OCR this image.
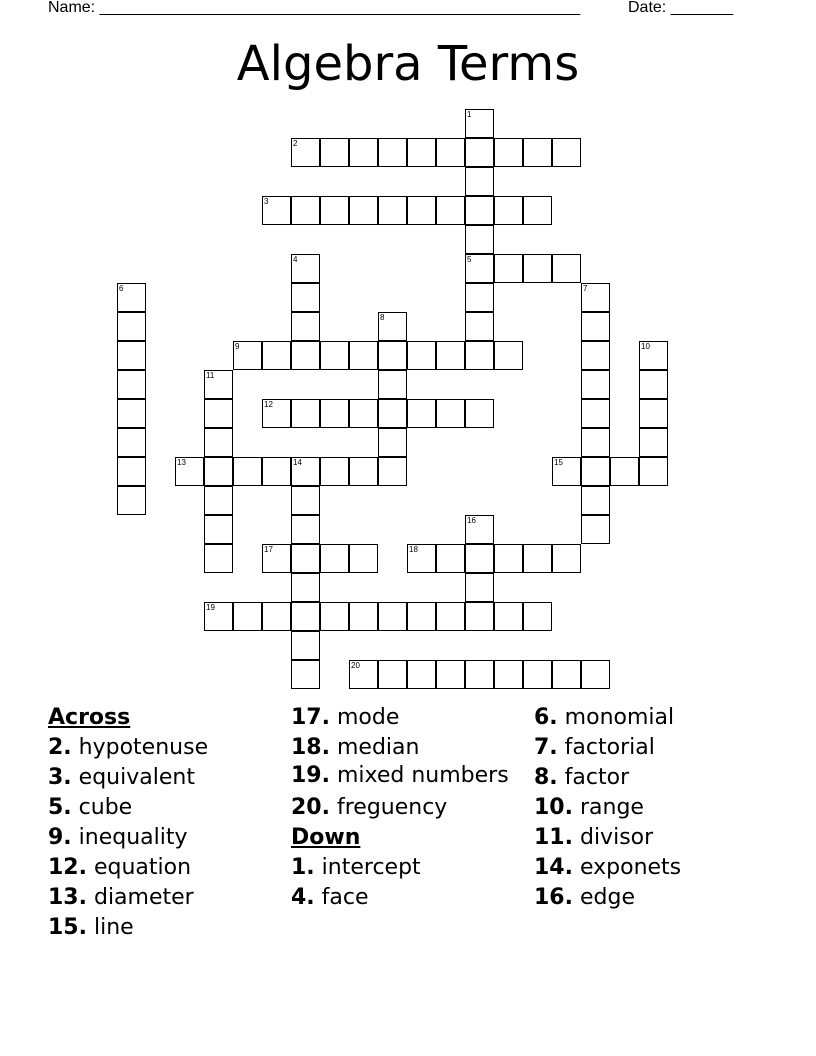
Name: ______________________________________________________	Date: _______
Algebra Terms
1
5
2
3
4
6	7
8
9	10
11
12
13	14	15
16
17	18
19
20
Across
2. hypotenuse
3. equivalent
5. cube
9. inequality
12. equation
13. diameter
15. line
17. mode
18. median
19. mixed numbers
20. freguency
Down
1. intercept
4. face
6. monomial
7. factorial
8. factor
10. range
11. divisor
14. exponets
16. edge
